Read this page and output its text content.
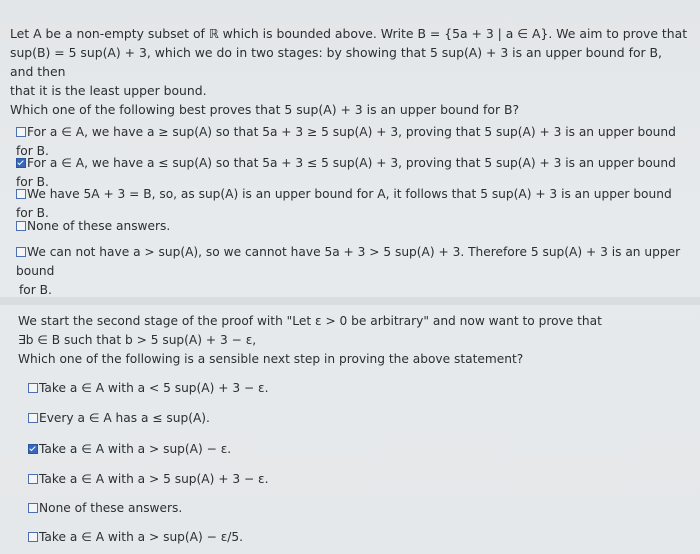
Let A be a non-empty subset of ℝ which is bounded above. Write B = {5a + 3 | a ∈ A}. We aim to prove that

sup(B) = 5 sup(A) + 3, which we do in two stages: by showing that 5 sup(A) + 3 is an upper bound for B, and then

that it is the least upper bound.

Which one of the following best proves that 5 sup(A) + 3 is an upper bound for B?

For a ∈ A, we have a ≥ sup(A) so that 5a + 3 ≥ 5 sup(A) + 3, proving that 5 sup(A) + 3 is an upper bound for B.
For a ∈ A, we have a ≤ sup(A) so that 5a + 3 ≤ 5 sup(A) + 3, proving that 5 sup(A) + 3 is an upper bound for B.
We have 5A + 3 = B, so, as sup(A) is an upper bound for A, it follows that 5 sup(A) + 3 is an upper bound for B.
None of these answers.
We can not have a > sup(A), so we cannot have 5a + 3 > 5 sup(A) + 3. Therefore 5 sup(A) + 3 is an upper bound
for B.

We start the second stage of the proof with "Let ε > 0 be arbitrary" and now want to prove that

∃b ∈ B such that b > 5 sup(A) + 3 − ε,

Which one of the following is a sensible next step in proving the above statement?

Take a ∈ A with a < 5 sup(A) + 3 − ε.
Every a ∈ A has a ≤ sup(A).
Take a ∈ A with a > sup(A) − ε.
Take a ∈ A with a > 5 sup(A) + 3 − ε.
None of these answers.
Take a ∈ A with a > sup(A) − ε/5.
